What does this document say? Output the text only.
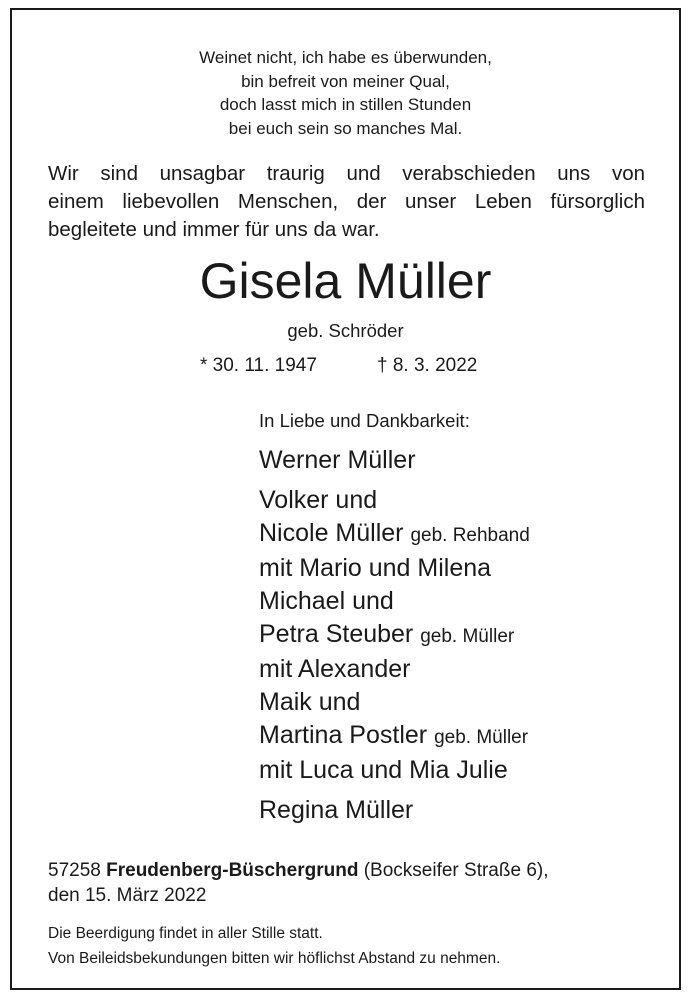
Weinet nicht, ich habe es überwunden,
bin befreit von meiner Qual,
doch lasst mich in stillen Stunden
bei euch sein so manches Mal.
Wir sind unsagbar traurig und verabschieden uns von
einem liebevollen Menschen, der unser Leben fürsorglich
begleitete und immer für uns da war.
Gisela Müller
geb. Schröder
* 30. 11. 1947	† 8. 3. 2022
In Liebe und Dankbarkeit:
Werner Müller
Volker und
Nicole Müller geb. Rehband
mit Mario und Milena
Michael und
Petra Steuber geb. Müller
mit Alexander
Maik und
Martina Postler geb. Müller
mit Luca und Mia Julie
Regina Müller
57258 Freudenberg-Büschergrund (Bockseifer Straße 6),
den 15. März 2022
Die Beerdigung findet in aller Stille statt.
Von Beileidsbekundungen bitten wir höflichst Abstand zu nehmen.
